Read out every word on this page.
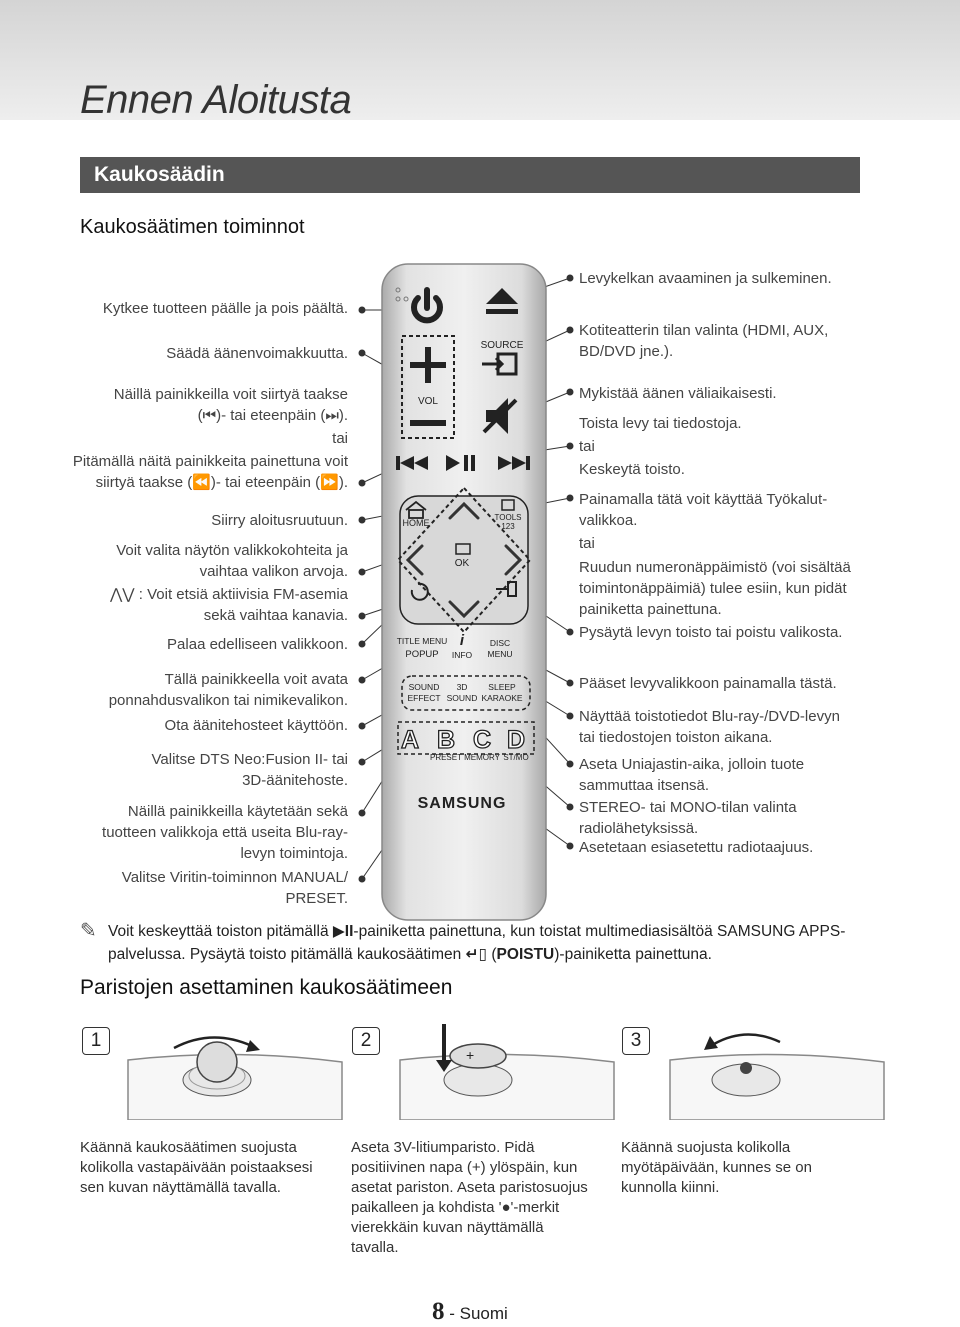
Ennen Aloitusta
Kaukosäädin
Kaukosäätimen toiminnot
Kytkee tuotteen päälle ja pois päältä.
Säädä äänenvoimakkuutta.
Näillä painikkeilla voit siirtyä taakse
(⏮)- tai eteenpäin (⏭).
tai
Pitämällä näitä painikkeita painettuna voit
siirtyä taakse (⏪)- tai eteenpäin (⏩).
Siirry aloitusruutuun.
Voit valita näytön valikkokohteita ja
vaihtaa valikon arvoja.
⋀⋁ : Voit etsiä aktiivisia FM-asemia
sekä vaihtaa kanavia.
Palaa edelliseen valikkoon.
Tällä painikkeella voit avata
ponnahdusvalikon tai nimikevalikon.
Ota äänitehosteet käyttöön.
Valitse DTS Neo:Fusion II- tai
3D-äänitehoste.
Näillä painikkeilla käytetään sekä
tuotteen valikkoja että useita Blu-ray-
levyn toimintoja.
Valitse Viritin-toiminnon MANUAL/
PRESET.
Levykelkan avaaminen ja sulkeminen.
Kotiteatterin tilan valinta (HDMI, AUX,
BD/DVD jne.).
Mykistää äänen väliaikaisesti.
Toista levy tai tiedostoja.
tai
Keskeytä toisto.
Painamalla tätä voit käyttää Työkalut-
valikkoa.
tai
Ruudun numeronäppäimistö (voi sisältää
toimintonäppäimiä) tulee esiin, kun pidät
painiketta painettuna.
Pysäytä levyn toisto tai poistu valikosta.
Pääset levyvalikkoon painamalla tästä.
Näyttää toistotiedot Blu-ray-/DVD-levyn
tai tiedostojen toiston aikana.
Aseta Uniajastin-aika, jolloin tuote
sammuttaa itsensä.
STEREO- tai MONO-tilan valinta
radiolähetyksissä.
Asetetaan esiasetettu radiotaajuus.
SOURCE
VOL
HOME
TOOLS
123
OK
TITLE MENU
POPUP
i
INFO
DISC
MENU
SOUND
EFFECT
3D
SOUND
SLEEP
KARAOKE
A B C D
PRESET MEMORY ST/MO
SAMSUNG
✎ Voit keskeyttää toiston pitämällä ▶II-painiketta painettuna, kun toistat multimediasisältöä SAMSUNG APPS-palvelussa. Pysäytä toisto pitämällä kaukosäätimen ↵▯ (POISTU)-painiketta painettuna.
Paristojen asettaminen kaukosäätimeen
1	2	3
+
Käännä kaukosäätimen suojusta kolikolla vastapäivään poistaaksesi sen kuvan näyttämällä tavalla.
Aseta 3V-litiumparisto. Pidä positiivinen napa (+) ylöspäin, kun asetat pariston. Aseta paristosuojus paikalleen ja kohdista '●'-merkit vierekkäin kuvan näyttämällä tavalla.
Käännä suojusta kolikolla myötäpäivään, kunnes se on kunnolla kiinni.
8 - Suomi
